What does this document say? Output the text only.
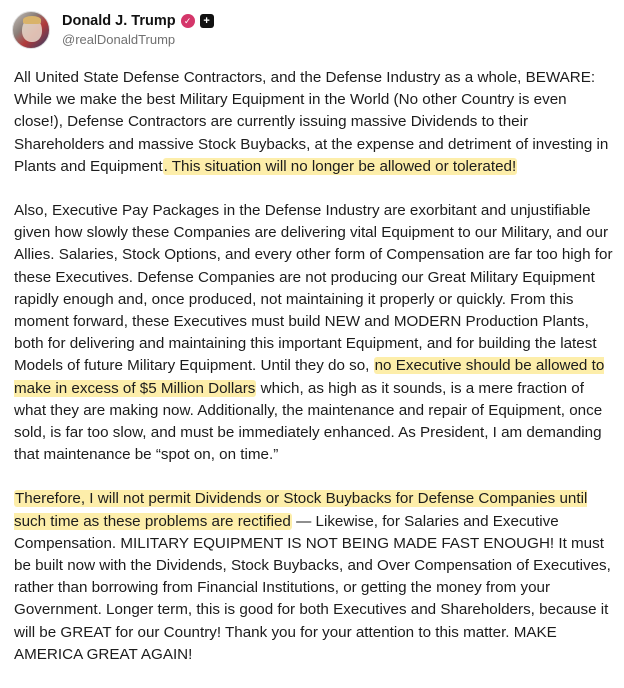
Donald J. Trump ✓	+
@realDonaldTrump

All United State Defense Contractors, and the Defense Industry as a whole, BEWARE: While we make the best Military Equipment in the World (No other Country is even close!), Defense Contractors are currently issuing massive Dividends to their Shareholders and massive Stock Buybacks, at the expense and detriment of investing in Plants and Equipment. This situation will no longer be allowed or tolerated!

Also, Executive Pay Packages in the Defense Industry are exorbitant and unjustifiable given how slowly these Companies are delivering vital Equipment to our Military, and our Allies. Salaries, Stock Options, and every other form of Compensation are far too high for these Executives. Defense Companies are not producing our Great Military Equipment rapidly enough and, once produced, not maintaining it properly or quickly. From this moment forward, these Executives must build NEW and MODERN Production Plants, both for delivering and maintaining this important Equipment, and for building the latest Models of future Military Equipment. Until they do so, no Executive should be allowed to make in excess of $5 Million Dollars which, as high as it sounds, is a mere fraction of what they are making now. Additionally, the maintenance and repair of Equipment, once sold, is far too slow, and must be immediately enhanced. As President, I am demanding that maintenance be “spot on, on time.”

Therefore, I will not permit Dividends or Stock Buybacks for Defense Companies until such time as these problems are rectified — Likewise, for Salaries and Executive Compensation. MILITARY EQUIPMENT IS NOT BEING MADE FAST ENOUGH! It must be built now with the Dividends, Stock Buybacks, and Over Compensation of Executives, rather than borrowing from Financial Institutions, or getting the money from your Government. Longer term, this is good for both Executives and Shareholders, because it will be GREAT for our Country! Thank you for your attention to this matter. MAKE AMERICA GREAT AGAIN!
